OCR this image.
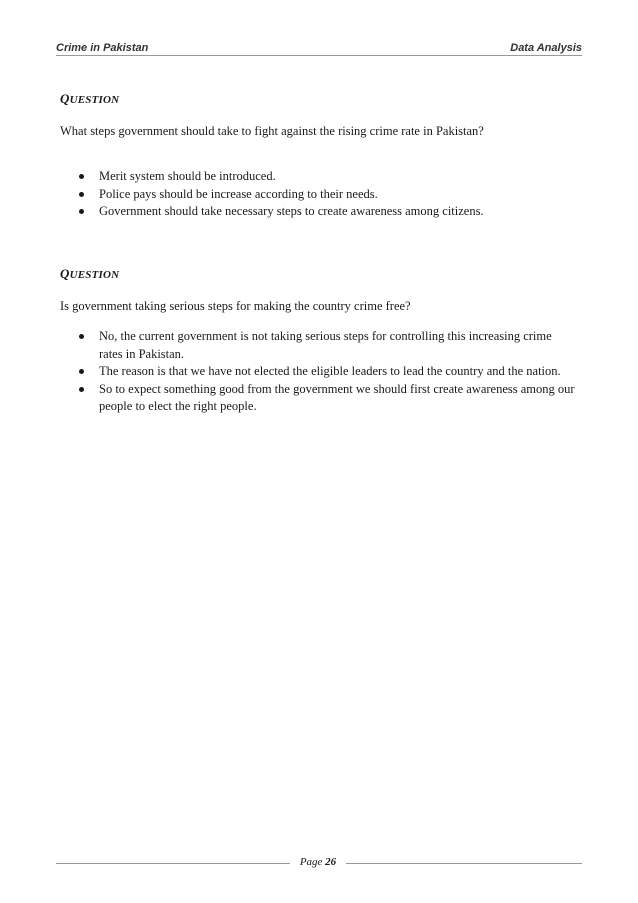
Crime in Pakistan	Data Analysis
QUESTION
What steps government should take to fight against the rising crime rate in Pakistan?
Merit system should be introduced.
Police pays should be increase according to their needs.
Government should take necessary steps to create awareness among citizens.
QUESTION
Is government taking serious steps for making the country crime free?
No, the current government is not taking serious steps for controlling this increasing crime rates in Pakistan.
The reason is that we have not elected the eligible leaders to lead the country and the nation.
So to expect something good from the government we should first create awareness among our people to elect the right people.
Page 26
